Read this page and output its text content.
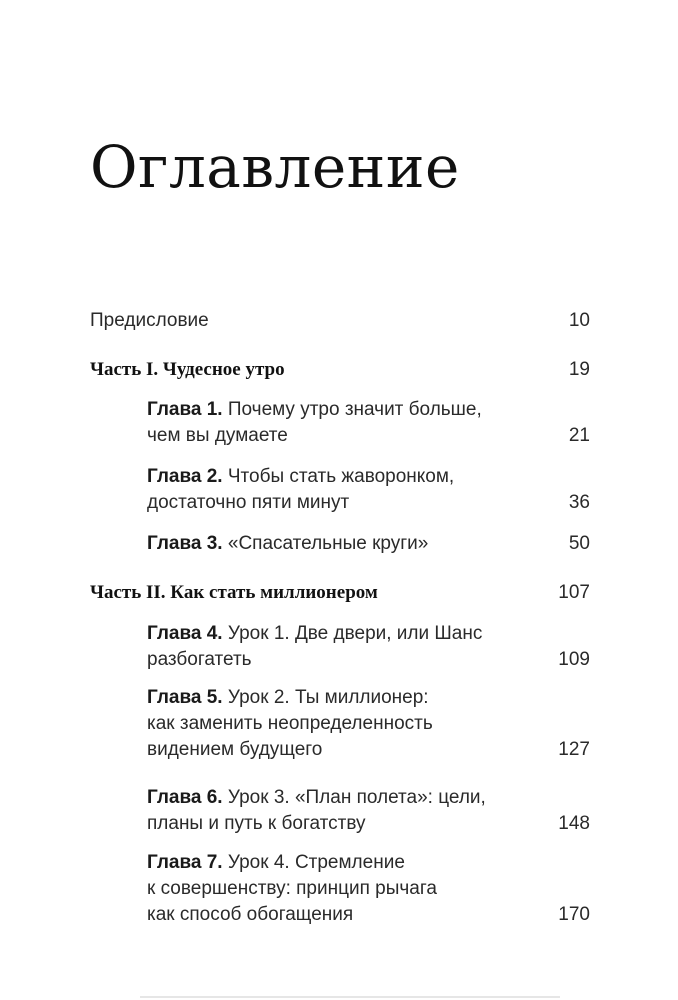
Оглавление
Предисловие	10
Часть I. Чудесное утро	19
Глава 1. Почему утро значит больше,
чем вы думаете	21
Глава 2. Чтобы стать жаворонком,
достаточно пяти минут	36
Глава 3. «Спасательные круги»	50
Часть II. Как стать миллионером	107
Глава 4. Урок 1. Две двери, или Шанс
разбогатеть	109
Глава 5. Урок 2. Ты миллионер:
как заменить неопределенность
видением будущего	127
Глава 6. Урок 3. «План полета»: цели,
планы и путь к богатству	148
Глава 7. Урок 4. Стремление
к совершенству: принцип рычага
как способ обогащения	170
